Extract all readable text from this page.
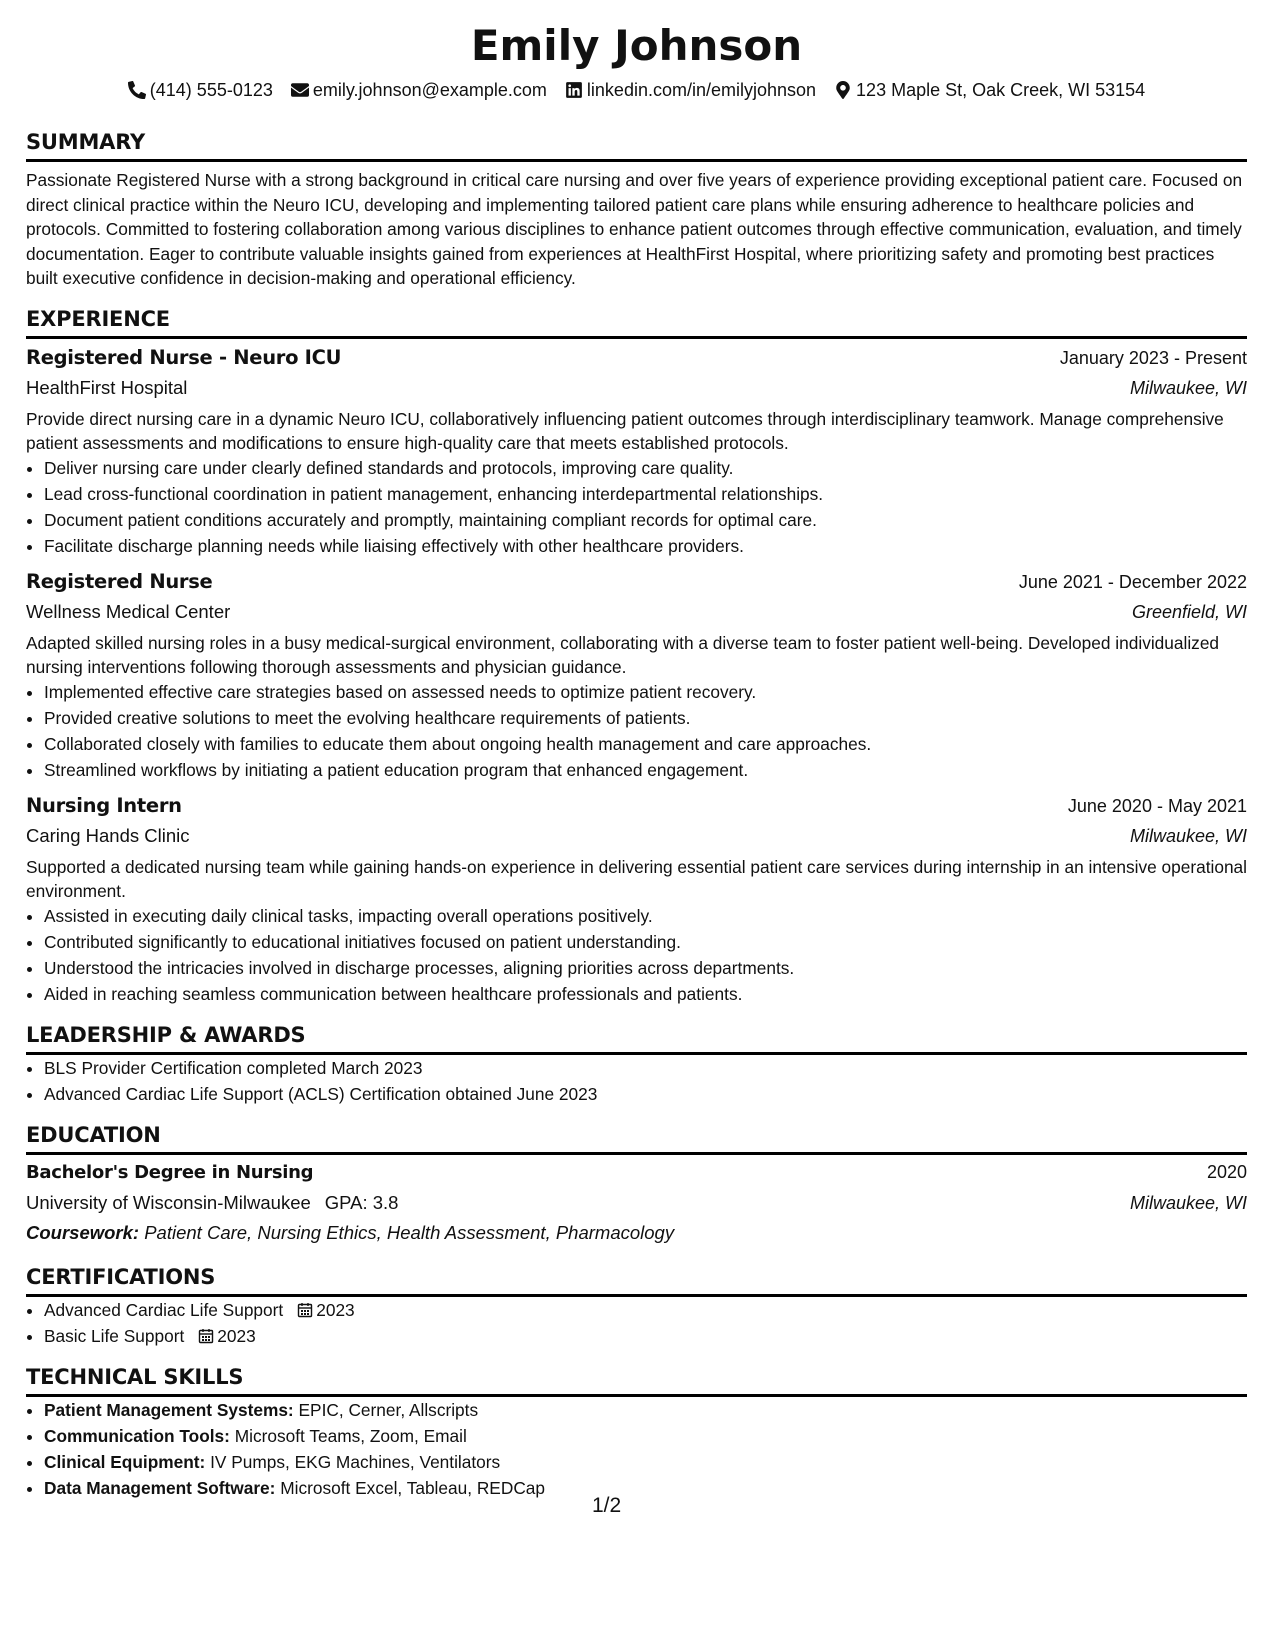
Emily Johnson
(414) 555-0123 emily.johnson@example.com linkedin.com/in/emilyjohnson 123 Maple St, Oak Creek, WI 53154
SUMMARY

Passionate Registered Nurse with a strong background in critical care nursing and over five years of experience providing exceptional patient care. Focused on direct clinical practice within the Neuro ICU, developing and implementing tailored patient care plans while ensuring adherence to healthcare policies and protocols. Committed to fostering collaboration among various disciplines to enhance patient outcomes through effective communication, evaluation, and timely documentation. Eager to contribute valuable insights gained from experiences at HealthFirst Hospital, where prioritizing safety and promoting best practices built executive confidence in decision-making and operational efficiency.

EXPERIENCE
Registered Nurse - Neuro ICU	January 2023 - Present
HealthFirst Hospital	Milwaukee, WI

Provide direct nursing care in a dynamic Neuro ICU, collaboratively influencing patient outcomes through interdisciplinary teamwork. Manage comprehensive patient assessments and modifications to ensure high-quality care that meets established protocols.

• Deliver nursing care under clearly defined standards and protocols, improving care quality.
• Lead cross-functional coordination in patient management, enhancing interdepartmental relationships.
• Document patient conditions accurately and promptly, maintaining compliant records for optimal care.
• Facilitate discharge planning needs while liaising effectively with other healthcare providers.
Registered Nurse	June 2021 - December 2022
Wellness Medical Center	Greenfield, WI

Adapted skilled nursing roles in a busy medical-surgical environment, collaborating with a diverse team to foster patient well-being. Developed individualized nursing interventions following thorough assessments and physician guidance.

• Implemented effective care strategies based on assessed needs to optimize patient recovery.
• Provided creative solutions to meet the evolving healthcare requirements of patients.
• Collaborated closely with families to educate them about ongoing health management and care approaches.
• Streamlined workflows by initiating a patient education program that enhanced engagement.
Nursing Intern	June 2020 - May 2021
Caring Hands Clinic	Milwaukee, WI

Supported a dedicated nursing team while gaining hands-on experience in delivering essential patient care services during internship in an intensive operational environment.

• Assisted in executing daily clinical tasks, impacting overall operations positively.
• Contributed significantly to educational initiatives focused on patient understanding.
• Understood the intricacies involved in discharge processes, aligning priorities across departments.
• Aided in reaching seamless communication between healthcare professionals and patients.
LEADERSHIP & AWARDS
• BLS Provider Certification completed March 2023
• Advanced Cardiac Life Support (ACLS) Certification obtained June 2023
EDUCATION
Bachelor's Degree in Nursing	2020
University of Wisconsin-Milwaukee GPA: 3.8	Milwaukee, WI
Coursework: Patient Care, Nursing Ethics, Health Assessment, Pharmacology
CERTIFICATIONS
• Advanced Cardiac Life Support 2023
• Basic Life Support 2023
TECHNICAL SKILLS
• Patient Management Systems: EPIC, Cerner, Allscripts
• Communication Tools: Microsoft Teams, Zoom, Email
• Clinical Equipment: IV Pumps, EKG Machines, Ventilators
• Data Management Software: Microsoft Excel, Tableau, REDCap
1/2
